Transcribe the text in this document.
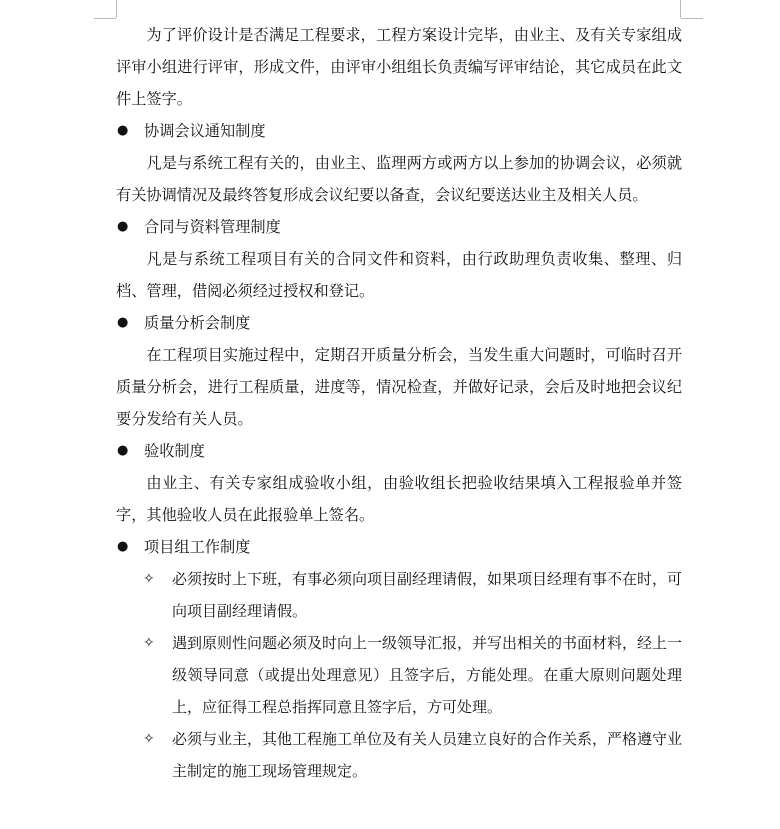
为了评价设计是否满足工程要求，工程方案设计完毕，由业主、及有关专家组成评审小组进行评审，形成文件，由评审小组组长负责编写评审结论，其它成员在此文件上签字。

● 协调会议通知制度

凡是与系统工程有关的，由业主、监理两方或两方以上参加的协调会议，必须就有关协调情况及最终答复形成会议纪要以备查，会议纪要送达业主及相关人员。

● 合同与资料管理制度

凡是与系统工程项目有关的合同文件和资料，由行政助理负责收集、整理、归档、管理，借阅必须经过授权和登记。

● 质量分析会制度

在工程项目实施过程中，定期召开质量分析会，当发生重大问题时，可临时召开质量分析会，进行工程质量，进度等，情况检查，并做好记录，会后及时地把会议纪要分发给有关人员。

● 验收制度

由业主、有关专家组成验收小组，由验收组长把验收结果填入工程报验单并签字，其他验收人员在此报验单上签名。

● 项目组工作制度
✧ 必须按时上下班，有事必须向项目副经理请假，如果项目经理有事不在时，可向项目副经理请假。
✧ 遇到原则性问题必须及时向上一级领导汇报，并写出相关的书面材料，经上一级领导同意（或提出处理意见）且签字后，方能处理。在重大原则问题处理上，应征得工程总指挥同意且签字后，方可处理。
✧ 必须与业主，其他工程施工单位及有关人员建立良好的合作关系，严格遵守业主制定的施工现场管理规定。
